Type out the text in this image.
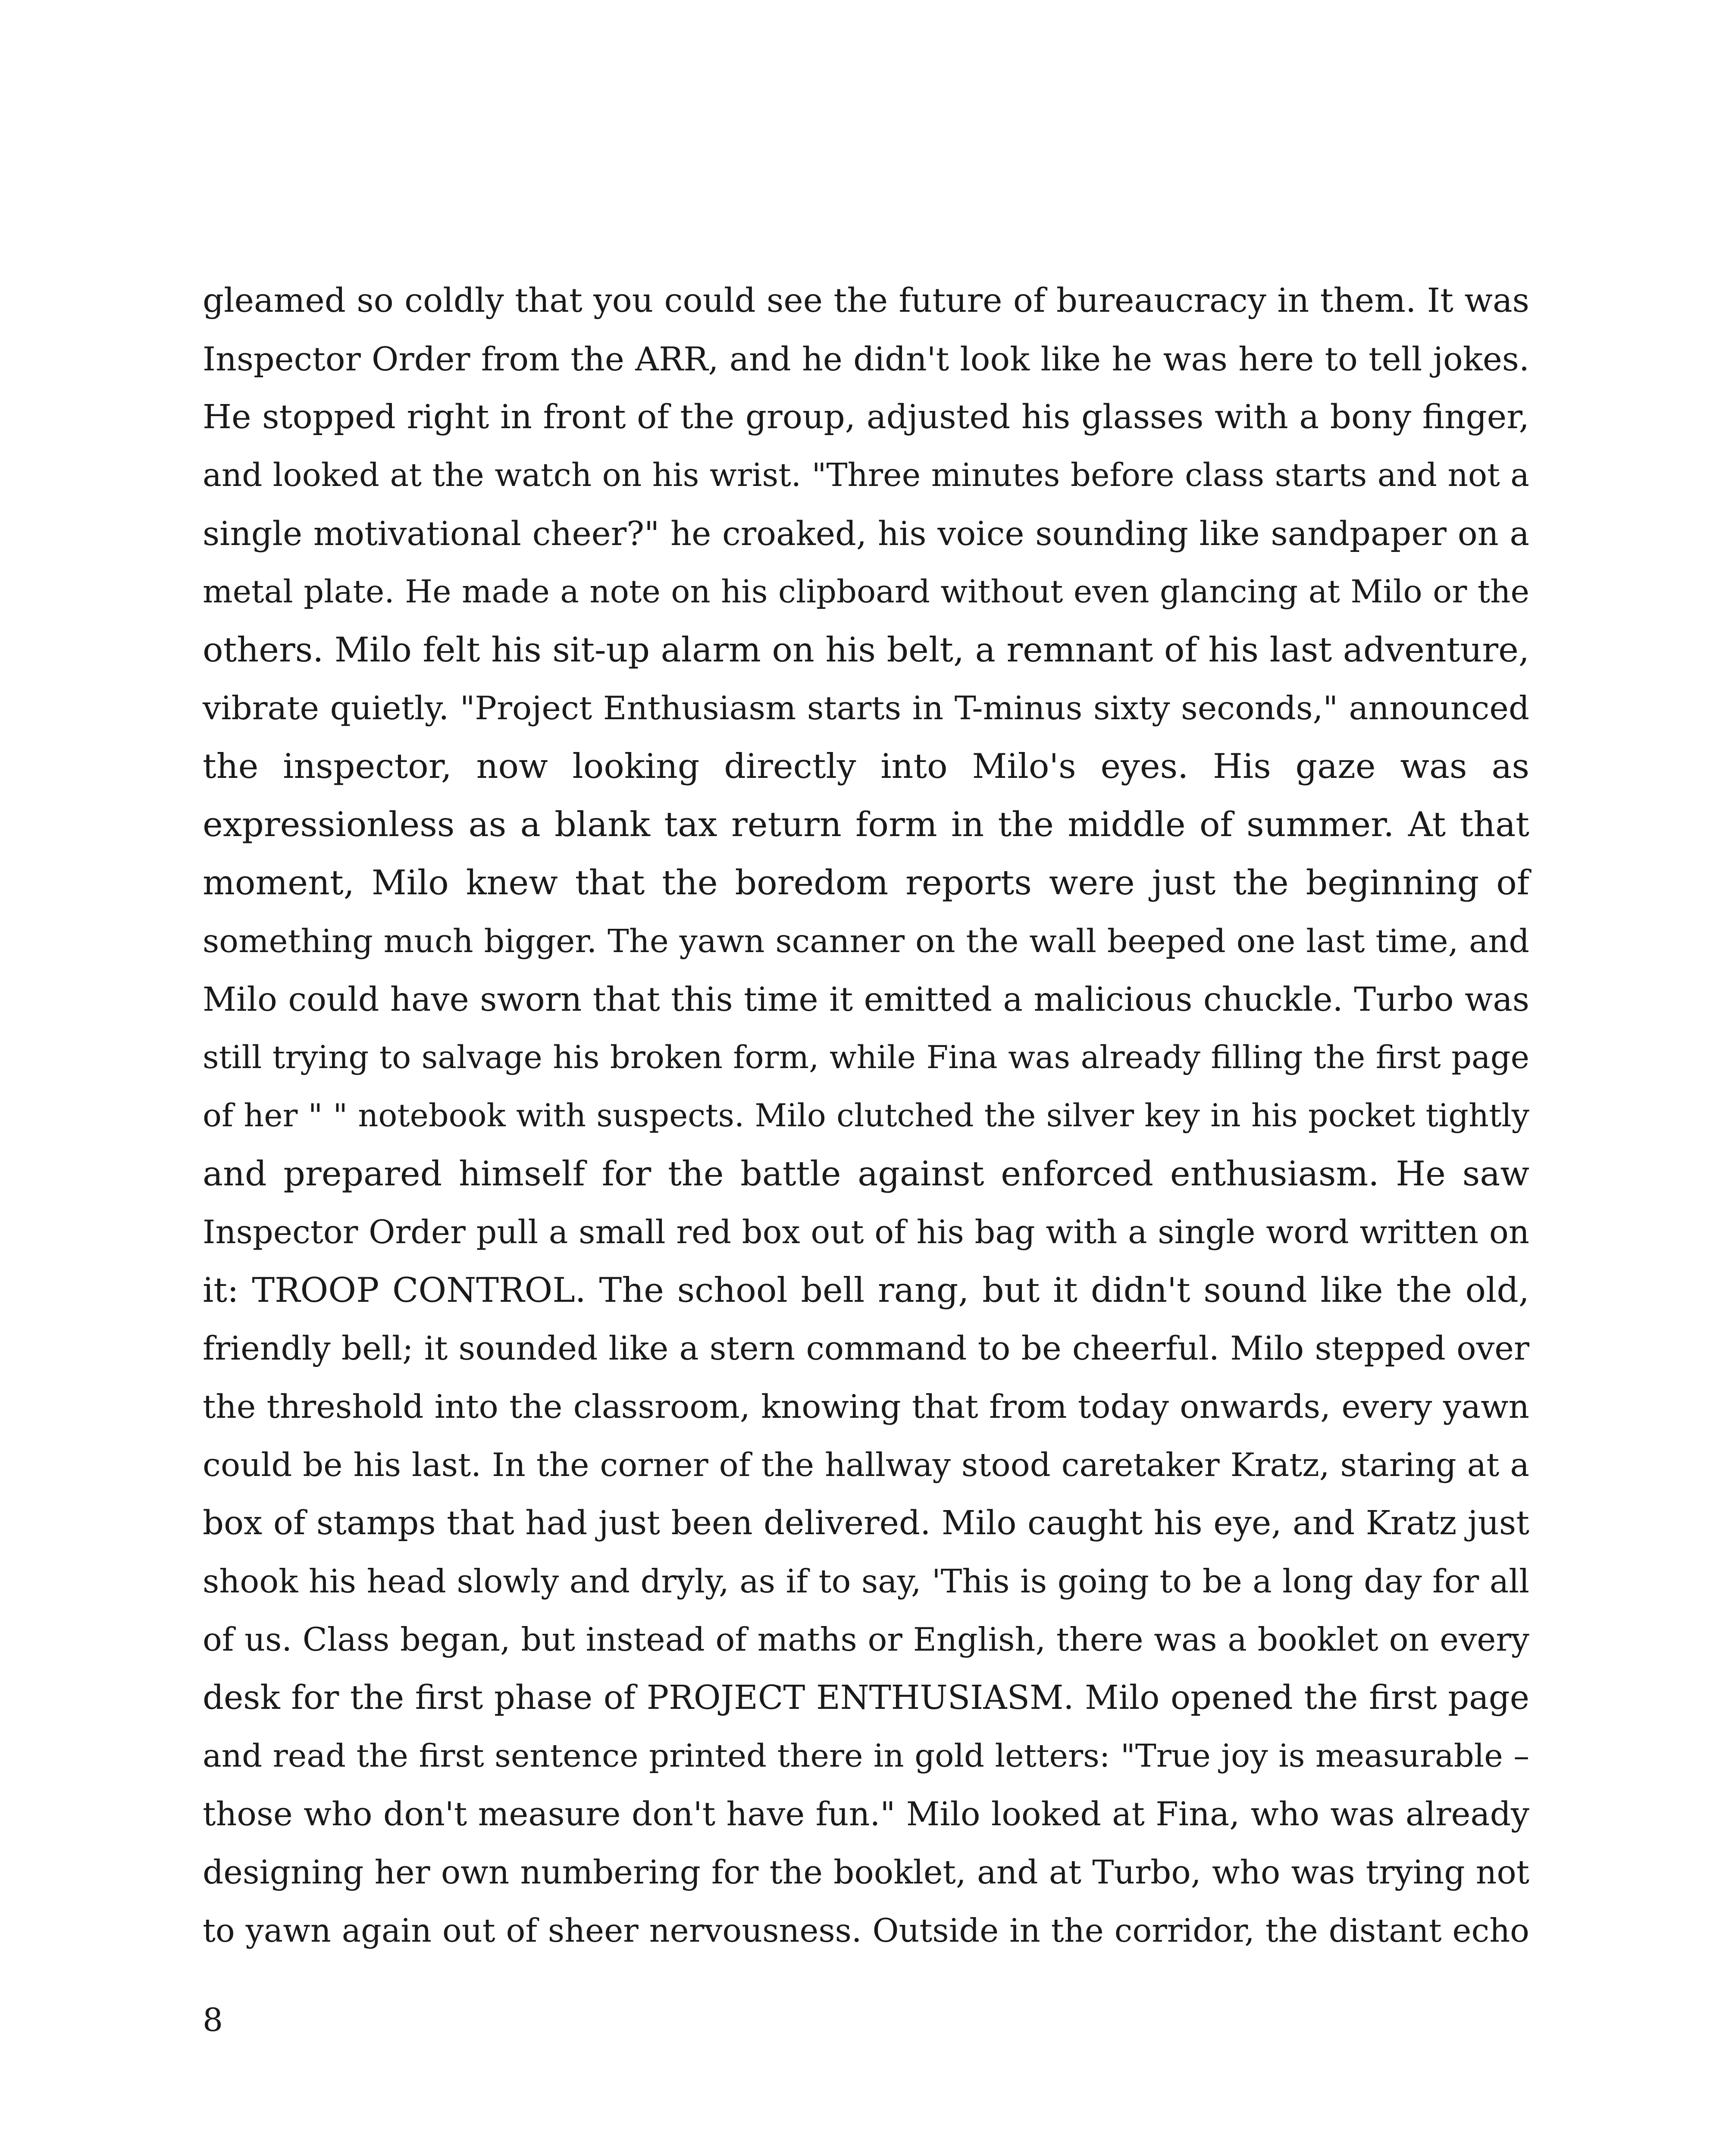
gleamed so coldly that you could see the future of bureaucracy in them. It was
Inspector Order from the ARR, and he didn't look like he was here to tell jokes.
He stopped right in front of the group, adjusted his glasses with a bony finger,
and looked at the watch on his wrist. "Three minutes before class starts and not a
single motivational cheer?" he croaked, his voice sounding like sandpaper on a
metal plate. He made a note on his clipboard without even glancing at Milo or the
others. Milo felt his sit-up alarm on his belt, a remnant of his last adventure,
vibrate quietly. "Project Enthusiasm starts in T-minus sixty seconds," announced
the inspector, now looking directly into Milo's eyes. His gaze was as
expressionless as a blank tax return form in the middle of summer. At that
moment, Milo knew that the boredom reports were just the beginning of
something much bigger. The yawn scanner on the wall beeped one last time, and
Milo could have sworn that this time it emitted a malicious chuckle. Turbo was
still trying to salvage his broken form, while Fina was already filling the first page
of her " " notebook with suspects. Milo clutched the silver key in his pocket tightly
and prepared himself for the battle against enforced enthusiasm. He saw
Inspector Order pull a small red box out of his bag with a single word written on
it: TROOP CONTROL. The school bell rang, but it didn't sound like the old,
friendly bell; it sounded like a stern command to be cheerful. Milo stepped over
the threshold into the classroom, knowing that from today onwards, every yawn
could be his last. In the corner of the hallway stood caretaker Kratz, staring at a
box of stamps that had just been delivered. Milo caught his eye, and Kratz just
shook his head slowly and dryly, as if to say, 'This is going to be a long day for all
of us. Class began, but instead of maths or English, there was a booklet on every
desk for the first phase of PROJECT ENTHUSIASM. Milo opened the first page
and read the first sentence printed there in gold letters: "True joy is measurable –
those who don't measure don't have fun." Milo looked at Fina, who was already
designing her own numbering for the booklet, and at Turbo, who was trying not
to yawn again out of sheer nervousness. Outside in the corridor, the distant echo
8
